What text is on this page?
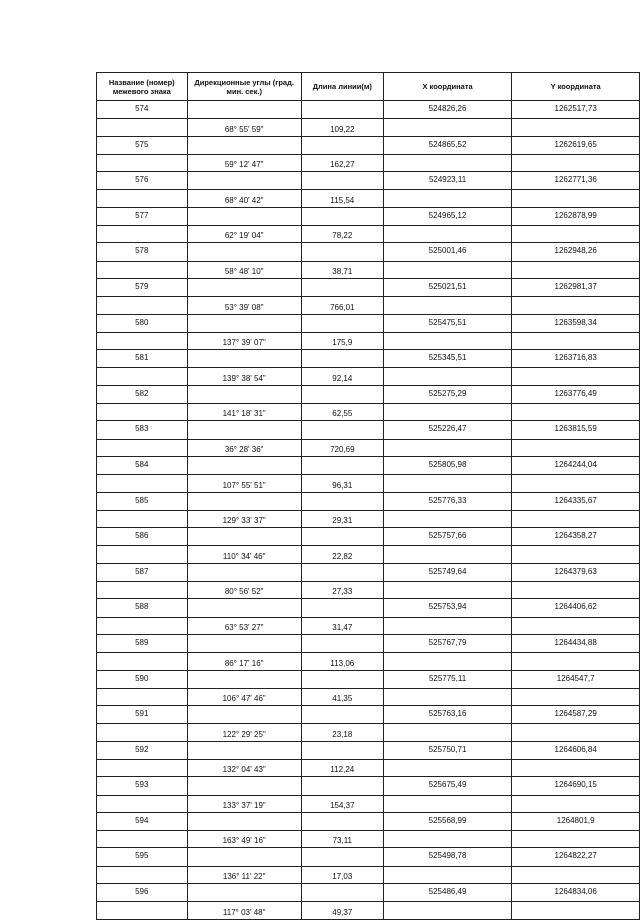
Название (номер) межевого знака	Дирекционные углы (град. мин. сек.)	Длина линии(м)	X координата	Y координата
574			524826,26	1262517,73
	68° 55' 59"	109,22		
575			524865,52	1262619,65
	59° 12' 47"	162,27		
576			524923,11	1262771,36
	68° 40' 42"	115,54		
577			524965,12	1262878,99
	62° 19' 04"	78,22		
578			525001,46	1262948,26
	58° 48' 10"	38,71		
579			525021,51	1262981,37
	53° 39' 08"	766,01		
580			525475,51	1263598,34
	137° 39' 07"	175,9		
581			525345,51	1263716,83
	139° 38' 54"	92,14		
582			525275,29	1263776,49
	141° 18' 31"	62,55		
583			525226,47	1263815,59
	36° 28' 36"	720,69		
584			525805,98	1264244,04
	107° 55' 51"	96,31		
585			525776,33	1264335,67
	129° 33' 37"	29,31		
586			525757,66	1264358,27
	110° 34' 46"	22,82		
587			525749,64	1264379,63
	80° 56' 52"	27,33		
588			525753,94	1264406,62
	63° 53' 27"	31,47		
589			525767,79	1264434,88
	86° 17' 16"	113,06		
590			525775,11	1264547,7
	106° 47' 46"	41,35		
591			525763,16	1264587,29
	122° 29' 25"	23,18		
592			525750,71	1264606,84
	132° 04' 43"	112,24		
593			525675,49	1264690,15
	133° 37' 19"	154,37		
594			525568,99	1264801,9
	163° 49' 16"	73,11		
595			525498,78	1264822,27
	136° 11' 22"	17,03		
596			525486,49	1264834,06
	117° 03' 48"	49,37		
